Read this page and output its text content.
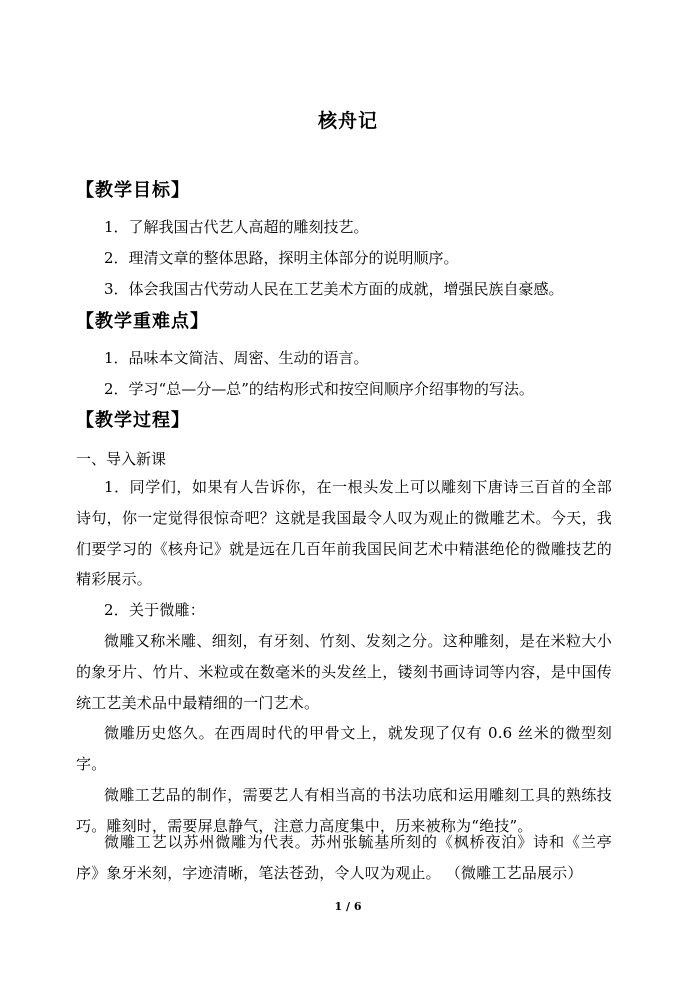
核舟记
【教学目标】
1．了解我国古代艺人高超的雕刻技艺。
2．理清文章的整体思路，探明主体部分的说明顺序。
3．体会我国古代劳动人民在工艺美术方面的成就，增强民族自豪感。
【教学重难点】
1．品味本文简洁、周密、生动的语言。
2．学习“总—分—总”的结构形式和按空间顺序介绍事物的写法。
【教学过程】
一、导入新课
1．同学们，如果有人告诉你，在一根头发上可以雕刻下唐诗三百首的全部诗句，你一定觉得很惊奇吧？这就是我国最令人叹为观止的微雕艺术。今天，我们要学习的《核舟记》就是远在几百年前我国民间艺术中精湛绝伦的微雕技艺的精彩展示。
2．关于微雕：
微雕又称米雕、细刻，有牙刻、竹刻、发刻之分。这种雕刻，是在米粒大小的象牙片、竹片、米粒或在数毫米的头发丝上，镂刻书画诗词等内容，是中国传统工艺美术品中最精细的一门艺术。
微雕历史悠久。在西周时代的甲骨文上，就发现了仅有 0.6 丝米的微型刻字。
微雕工艺品的制作，需要艺人有相当高的书法功底和运用雕刻工具的熟练技巧。雕刻时，需要屏息静气，注意力高度集中，历来被称为“绝技”。
微雕工艺以苏州微雕为代表。苏州张毓基所刻的《枫桥夜泊》诗和《兰亭序》象牙米刻，字迹清晰，笔法苍劲，令人叹为观止。 （微雕工艺品展示）
1 / 6
